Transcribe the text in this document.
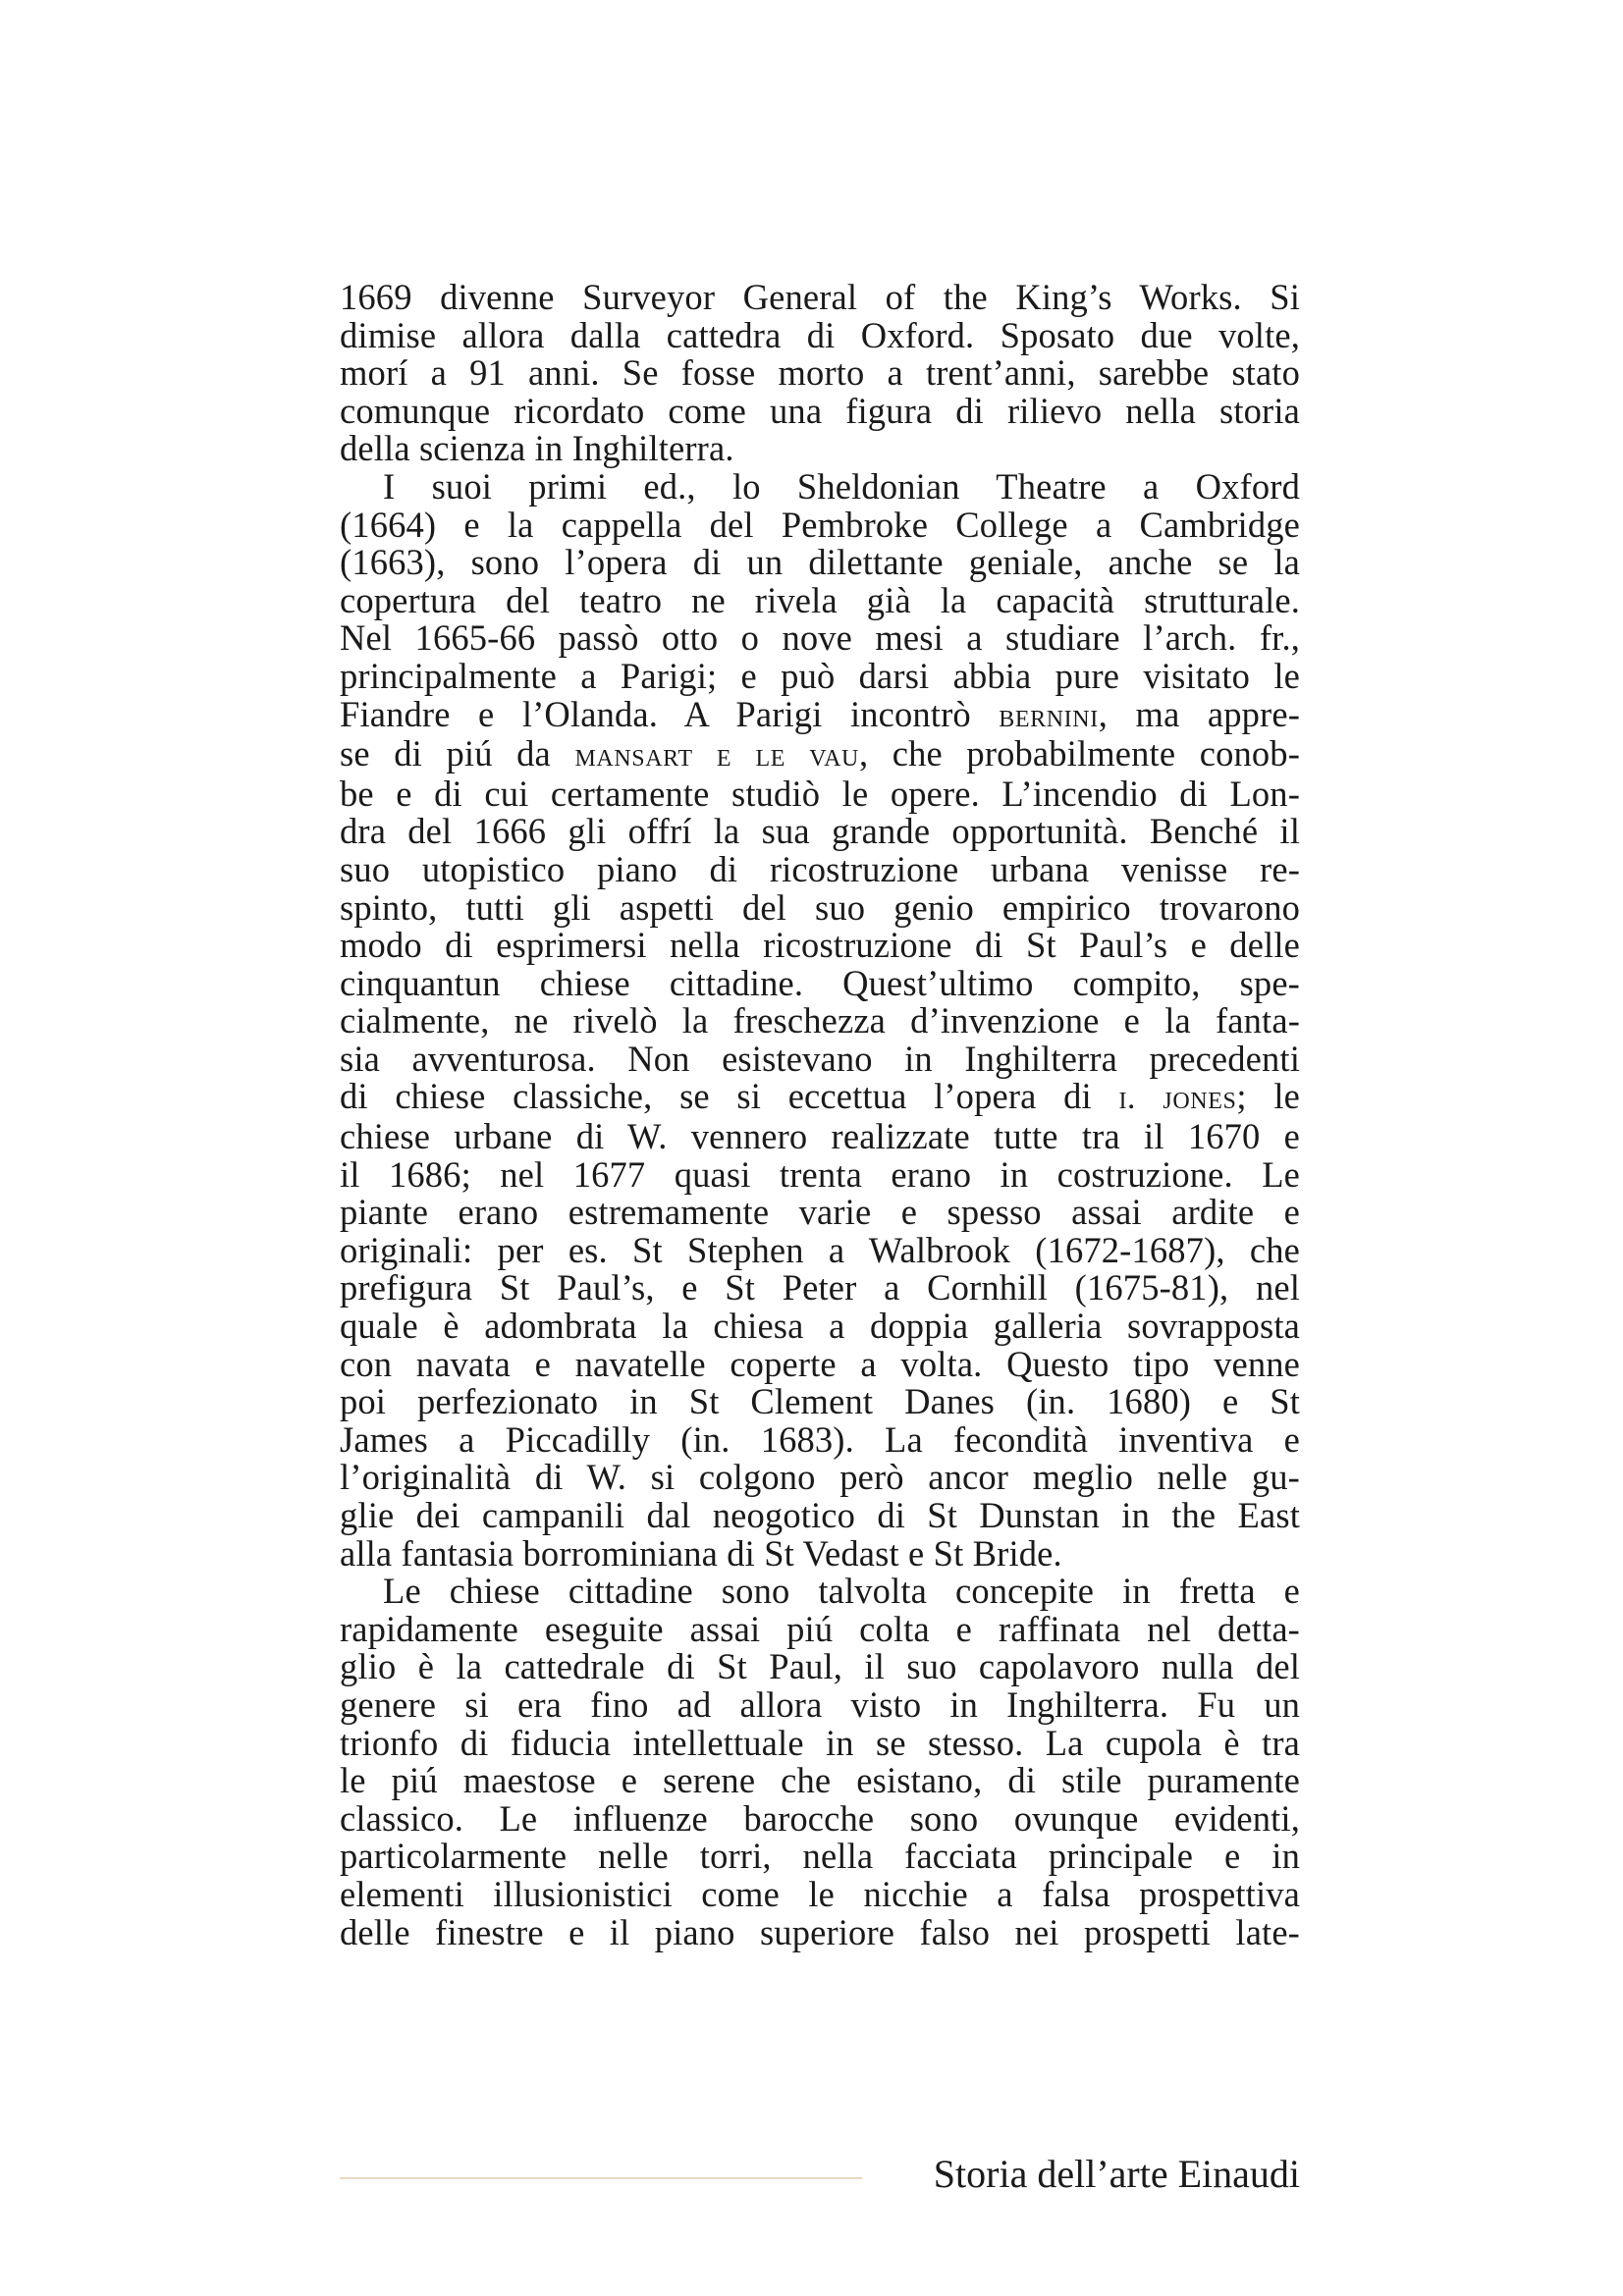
1669 divenne Surveyor General of the King’s Works. Si
dimise allora dalla cattedra di Oxford. Sposato due volte,
morí a 91 anni. Se fosse morto a trent’anni, sarebbe stato
comunque ricordato come una figura di rilievo nella storia
della scienza in Inghilterra.
I suoi primi ed., lo Sheldonian Theatre a Oxford
(1664) e la cappella del Pembroke College a Cambridge
(1663), sono l’opera di un dilettante geniale, anche se la
copertura del teatro ne rivela già la capacità strutturale.
Nel 1665-66 passò otto o nove mesi a studiare l’arch. fr.,
principalmente a Parigi; e può darsi abbia pure visitato le
Fiandre e l’Olanda. A Parigi incontrò bernini, ma appre-
se di piú da mansart e le vau, che probabilmente conob-
be e di cui certamente studiò le opere. L’incendio di Lon-
dra del 1666 gli offrí la sua grande opportunità. Benché il
suo utopistico piano di ricostruzione urbana venisse re-
spinto, tutti gli aspetti del suo genio empirico trovarono
modo di esprimersi nella ricostruzione di St Paul’s e delle
cinquantun chiese cittadine. Quest’ultimo compito, spe-
cialmente, ne rivelò la freschezza d’invenzione e la fanta-
sia avventurosa. Non esistevano in Inghilterra precedenti
di chiese classiche, se si eccettua l’opera di i. jones; le
chiese urbane di W. vennero realizzate tutte tra il 1670 e
il 1686; nel 1677 quasi trenta erano in costruzione. Le
piante erano estremamente varie e spesso assai ardite e
originali: per es. St Stephen a Walbrook (1672-1687), che
prefigura St Paul’s, e St Peter a Cornhill (1675-81), nel
quale è adombrata la chiesa a doppia galleria sovrapposta
con navata e navatelle coperte a volta. Questo tipo venne
poi perfezionato in St Clement Danes (in. 1680) e St
James a Piccadilly (in. 1683). La fecondità inventiva e
l’originalità di W. si colgono però ancor meglio nelle gu-
glie dei campanili dal neogotico di St Dunstan in the East
alla fantasia borrominiana di St Vedast e St Bride.
Le chiese cittadine sono talvolta concepite in fretta e
rapidamente eseguite assai piú colta e raffinata nel detta-
glio è la cattedrale di St Paul, il suo capolavoro nulla del
genere si era fino ad allora visto in Inghilterra. Fu un
trionfo di fiducia intellettuale in se stesso. La cupola è tra
le piú maestose e serene che esistano, di stile puramente
classico. Le influenze barocche sono ovunque evidenti,
particolarmente nelle torri, nella facciata principale e in
elementi illusionistici come le nicchie a falsa prospettiva
delle finestre e il piano superiore falso nei prospetti late-
Storia dell’arte Einaudi
